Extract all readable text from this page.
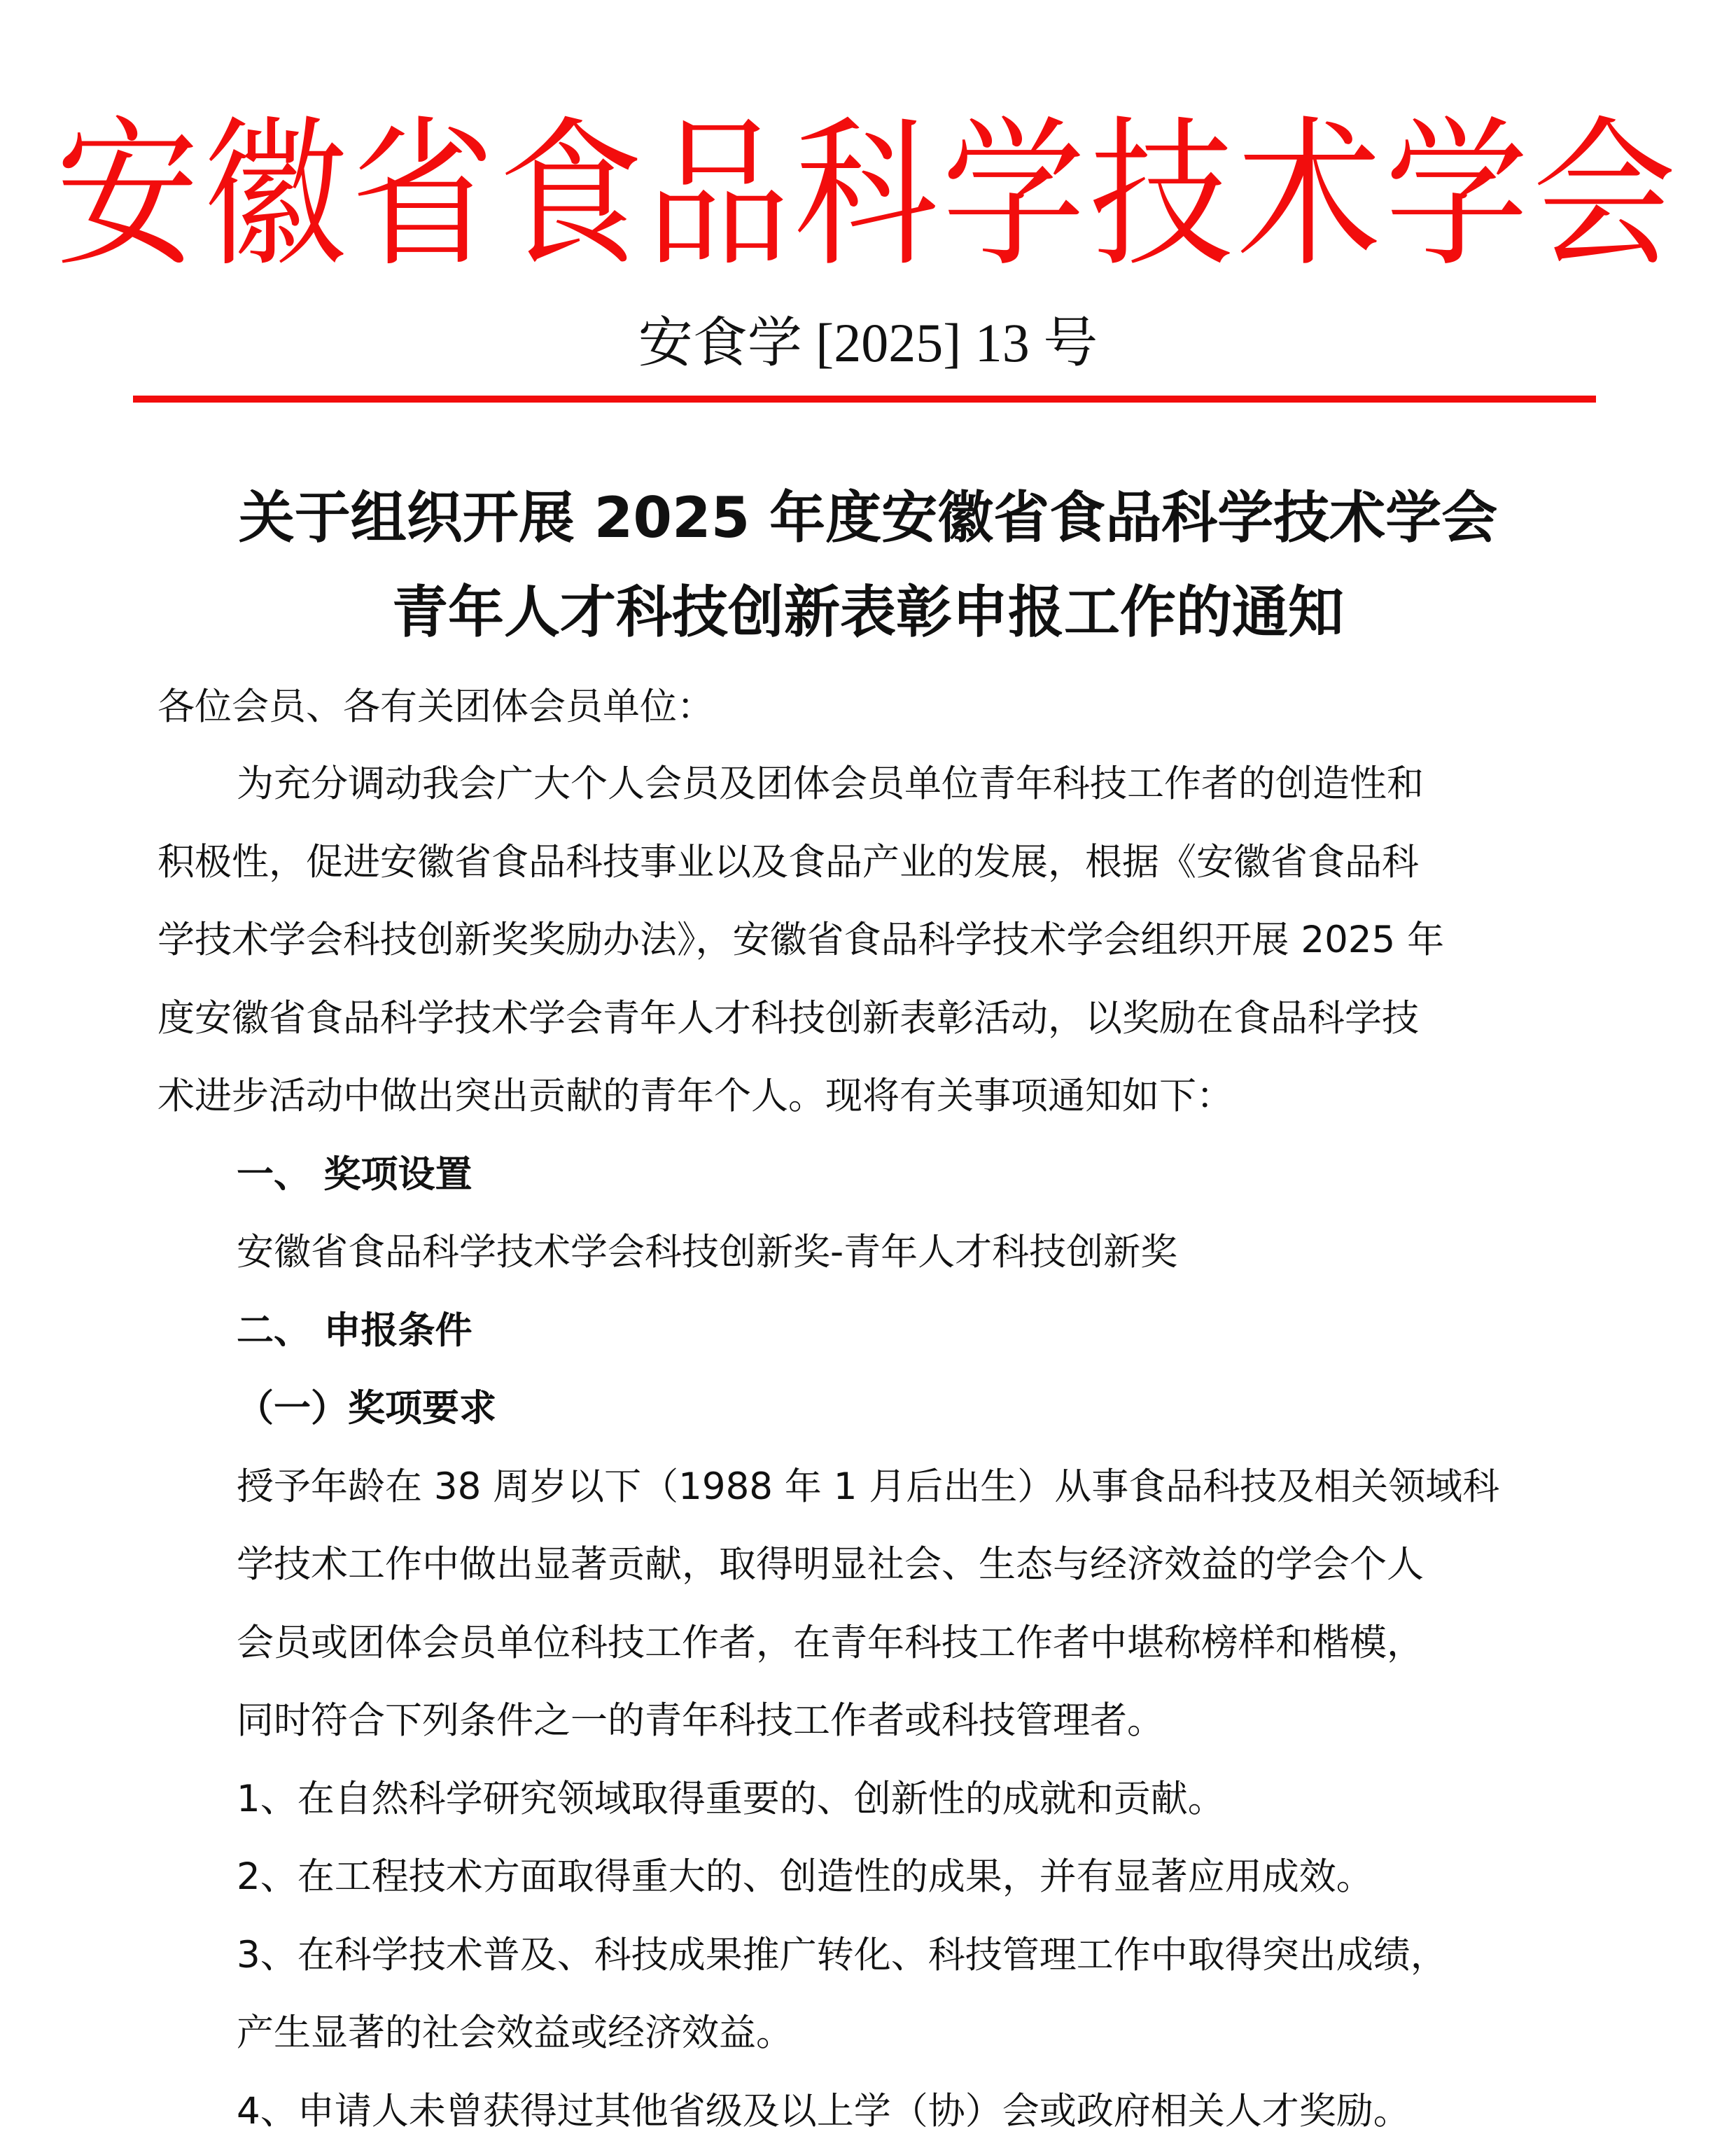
安徽省食品科学技术学会
安食学 [2025] 13 号
关于组织开展 2025 年度安徽省食品科学技术学会
青年人才科技创新表彰申报工作的通知
各位会员、各有关团体会员单位：
为充分调动我会广大个人会员及团体会员单位青年科技工作者的创造性和
积极性，促进安徽省食品科技事业以及食品产业的发展，根据《安徽省食品科
学技术学会科技创新奖奖励办法》，安徽省食品科学技术学会组织开展 2025 年
度安徽省食品科学技术学会青年人才科技创新表彰活动，以奖励在食品科学技
术进步活动中做出突出贡献的青年个人。现将有关事项通知如下：
一、 奖项设置
安徽省食品科学技术学会科技创新奖-青年人才科技创新奖
二、 申报条件
（一）奖项要求
授予年龄在 38 周岁以下（1988 年 1 月后出生）从事食品科技及相关领域科
学技术工作中做出显著贡献，取得明显社会、生态与经济效益的学会个人
会员或团体会员单位科技工作者，在青年科技工作者中堪称榜样和楷模，
同时符合下列条件之一的青年科技工作者或科技管理者。
1、在自然科学研究领域取得重要的、创新性的成就和贡献。
2、在工程技术方面取得重大的、创造性的成果，并有显著应用成效。
3、在科学技术普及、科技成果推广转化、科技管理工作中取得突出成绩，
产生显著的社会效益或经济效益。
4、申请人未曾获得过其他省级及以上学（协）会或政府相关人才奖励。
